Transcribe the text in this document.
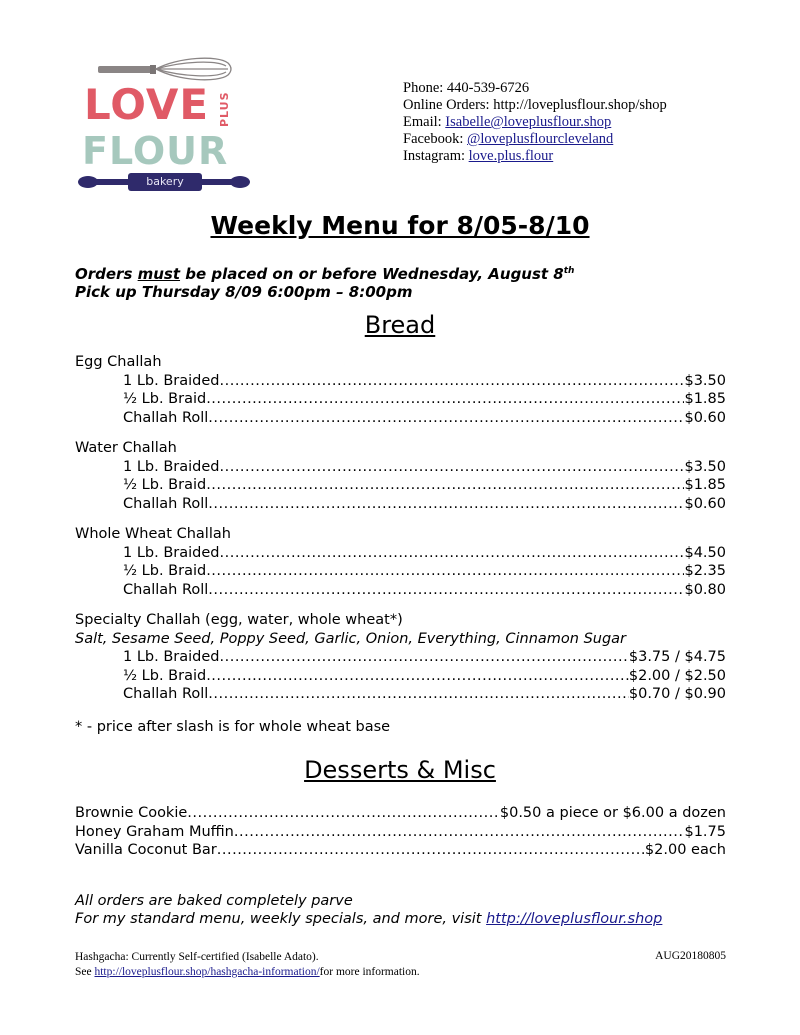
LOVE PLUS
FLOUR
bakery
Phone: 440-539-6726
Online Orders: http://loveplusflour.shop/shop
Email: Isabelle@loveplusflour.shop
Facebook: @loveplusflourcleveland
Instagram: love.plus.flour
Weekly Menu for 8/05-8/10
Orders must be placed on or before Wednesday, August 8th
Pick up Thursday 8/09 6:00pm – 8:00pm
Bread
Egg Challah
1 Lb. Braided .....	$3.50
½ Lb. Braid .....	$1.85
Challah Roll .....	$0.60
Water Challah
1 Lb. Braided .....	$3.50
½ Lb. Braid .....	$1.85
Challah Roll .....	$0.60
Whole Wheat Challah
1 Lb. Braided .....	$4.50
½ Lb. Braid .....	$2.35
Challah Roll .....	$0.80
Specialty Challah (egg, water, whole wheat*)
Salt, Sesame Seed, Poppy Seed, Garlic, Onion, Everything, Cinnamon Sugar
1 Lb. Braided .....	$3.75 / $4.75
½ Lb. Braid .....	$2.00 / $2.50
Challah Roll .....	$0.70 / $0.90
* - price after slash is for whole wheat base
Desserts & Misc
Brownie Cookie .....	$0.50 a piece or $6.00 a dozen
Honey Graham Muffin .....	$1.75
Vanilla Coconut Bar .....	$2.00 each
All orders are baked completely parve
For my standard menu, weekly specials, and more, visit http://loveplusflour.shop
Hashgacha: Currently Self-certified (Isabelle Adato).
See http://loveplusflour.shop/hashgacha-information/for more information.
AUG20180805
